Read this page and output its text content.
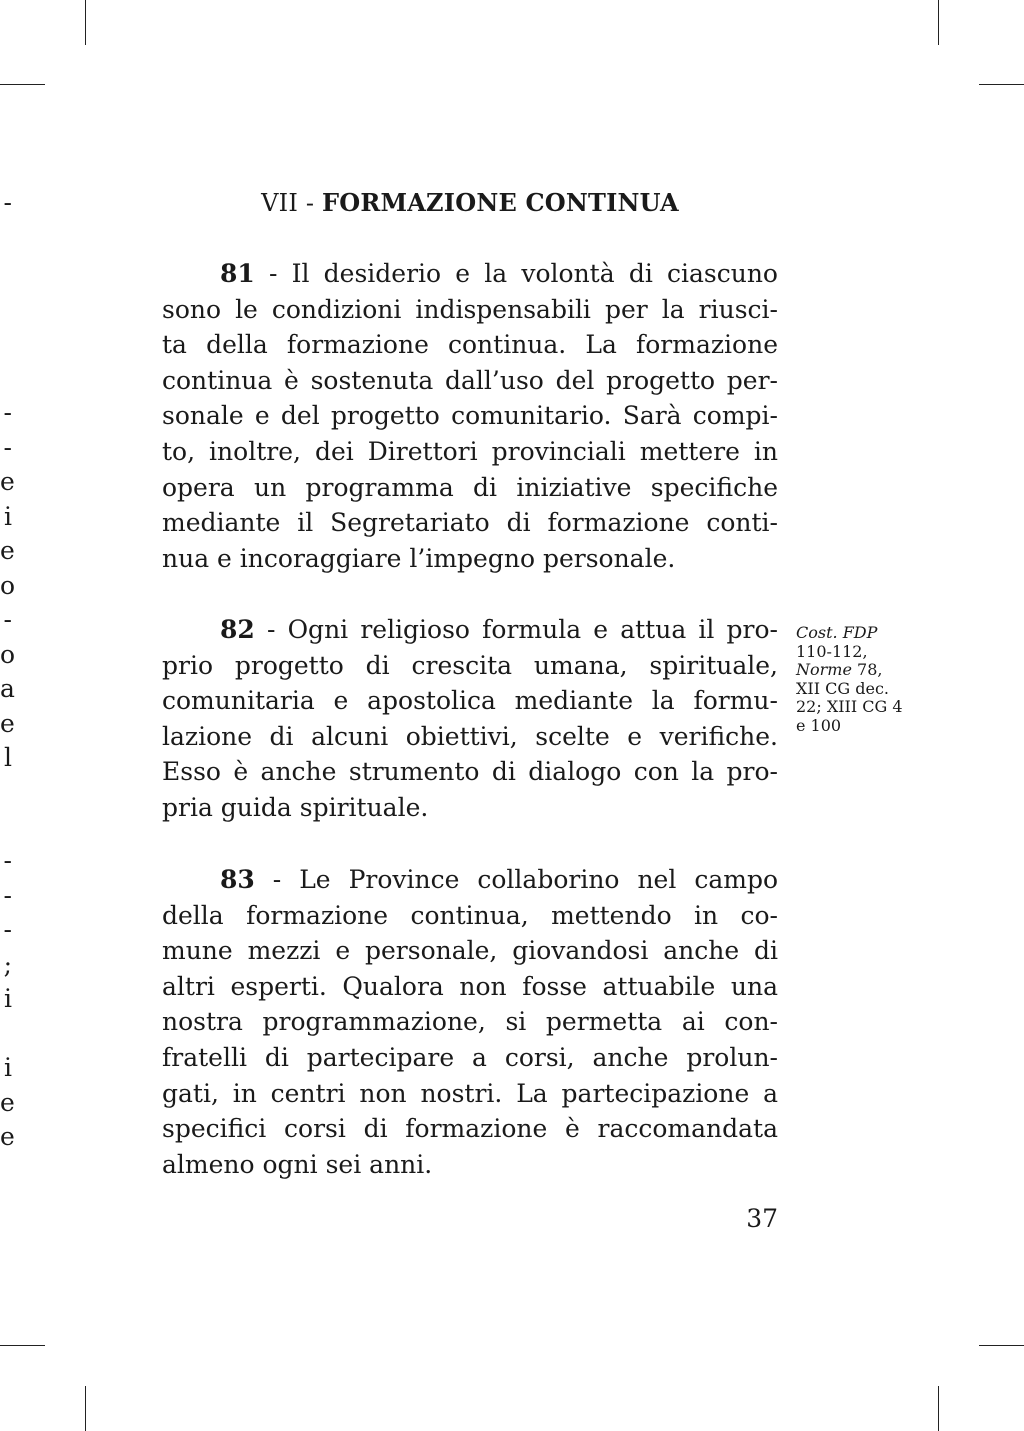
-
-
-
e
i
e
o
-
o
a
e
l
-
-
-
;
i
i
e
e
VII - FORMAZIONE CONTINUA
81 - Il desiderio e la volontà di ciascuno
sono le condizioni indispensabili per la riusci-
ta della formazione continua. La formazione
continua è sostenuta dall’uso del progetto per-
sonale e del progetto comunitario. Sarà compi-
to, inoltre, dei Direttori provinciali mettere in
opera un programma di iniziative specifiche
mediante il Segretariato di formazione conti-
nua e incoraggiare l’impegno personale.
82 - Ogni religioso formula e attua il pro-
prio progetto di crescita umana, spirituale,
comunitaria e apostolica mediante la formu-
lazione di alcuni obiettivi, scelte e verifiche.
Esso è anche strumento di dialogo con la pro-
pria guida spirituale.
Cost. FDP
110-112,
Norme 78,
XII CG dec.
22; XIII CG 4
e 100
83 - Le Province collaborino nel campo
della formazione continua, mettendo in co-
mune mezzi e personale, giovandosi anche di
altri esperti. Qualora non fosse attuabile una
nostra programmazione, si permetta ai con-
fratelli di partecipare a corsi, anche prolun-
gati, in centri non nostri. La partecipazione a
specifici corsi di formazione è raccomandata
almeno ogni sei anni.
37
